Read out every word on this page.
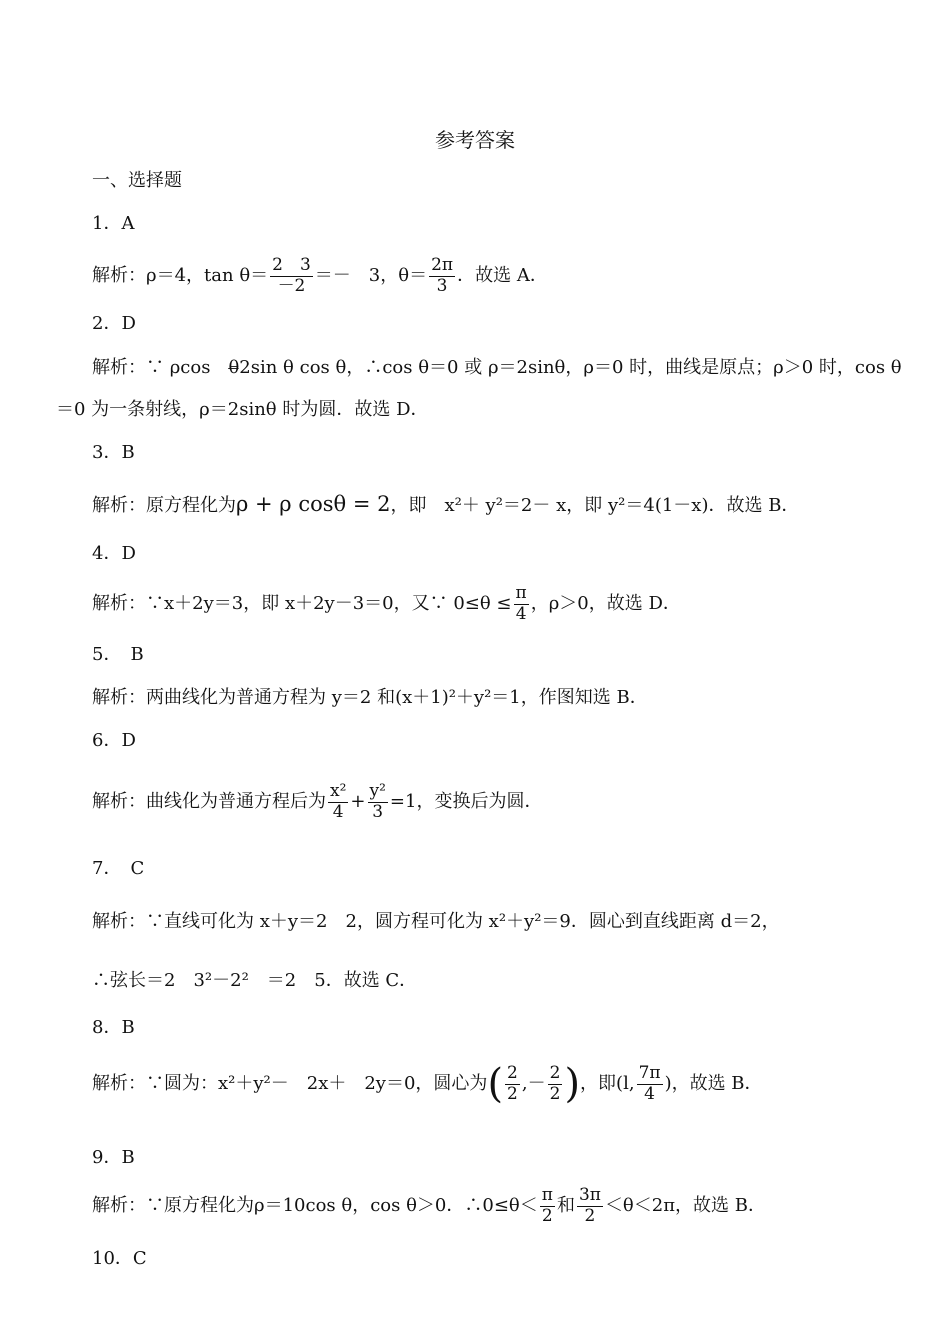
参考答案
一、选择题
1．A
解析：ρ＝4，$\tan \theta= \frac{2 3}{-2}$ ＝－　3，$\theta= \frac{2\pi}{3}$ ．故选 A．
2．D
解析：∵ ρcos　θ̶2sin θ cos θ，∴cos θ＝0 或 ρ＝2sinθ，ρ＝0 时，曲线是原点；ρ＞0 时，cos θ
＝0 为一条射线，ρ＝2sinθ 时为圆．故选 D．
3．B
解析：原方程化为ρ + ρ cosθ = 2，即　x²＋ y²＝2－ x，即 y²＝4(1－x)．故选 B．
4．D
解析：∵x＋2y＝3，即 x＋2y－3＝0，又∵ $0\le\theta \le \frac{\pi}{4}$ ，ρ＞0，故选 D．
5．　B
解析：两曲线化为普通方程为 y＝2 和(x＋1)²＋y²＝1，作图知选 B．
6．D
解析：曲线化为普通方程后为 $\frac{\text{x²}}{4} + \frac{\text{y²}}{3} =1$，变换后为圆．
7．　C
解析：∵直线可化为 x＋y＝2　2，圆方程可化为 x²＋y²＝9．圆心到直线距离 d＝2，
∴弦长＝2　3²－2²　＝2　5．故选 C．
8．B
解析：∵圆为：x²＋y²－　2x＋　2y＝0，圆心为( $\frac{2}{2}$ ,－ $\frac{2}{2}$ )，即(l, $\frac{7\pi}{4}$ )，故选 B．
9．B
解析：∵原方程化为ρ＝10cos θ，cos θ＞0．∴0≤θ＜ $\frac{\pi}{2}$ 和 $\frac{3\pi}{2} <\theta<2\pi$，故选 B．
10．C
